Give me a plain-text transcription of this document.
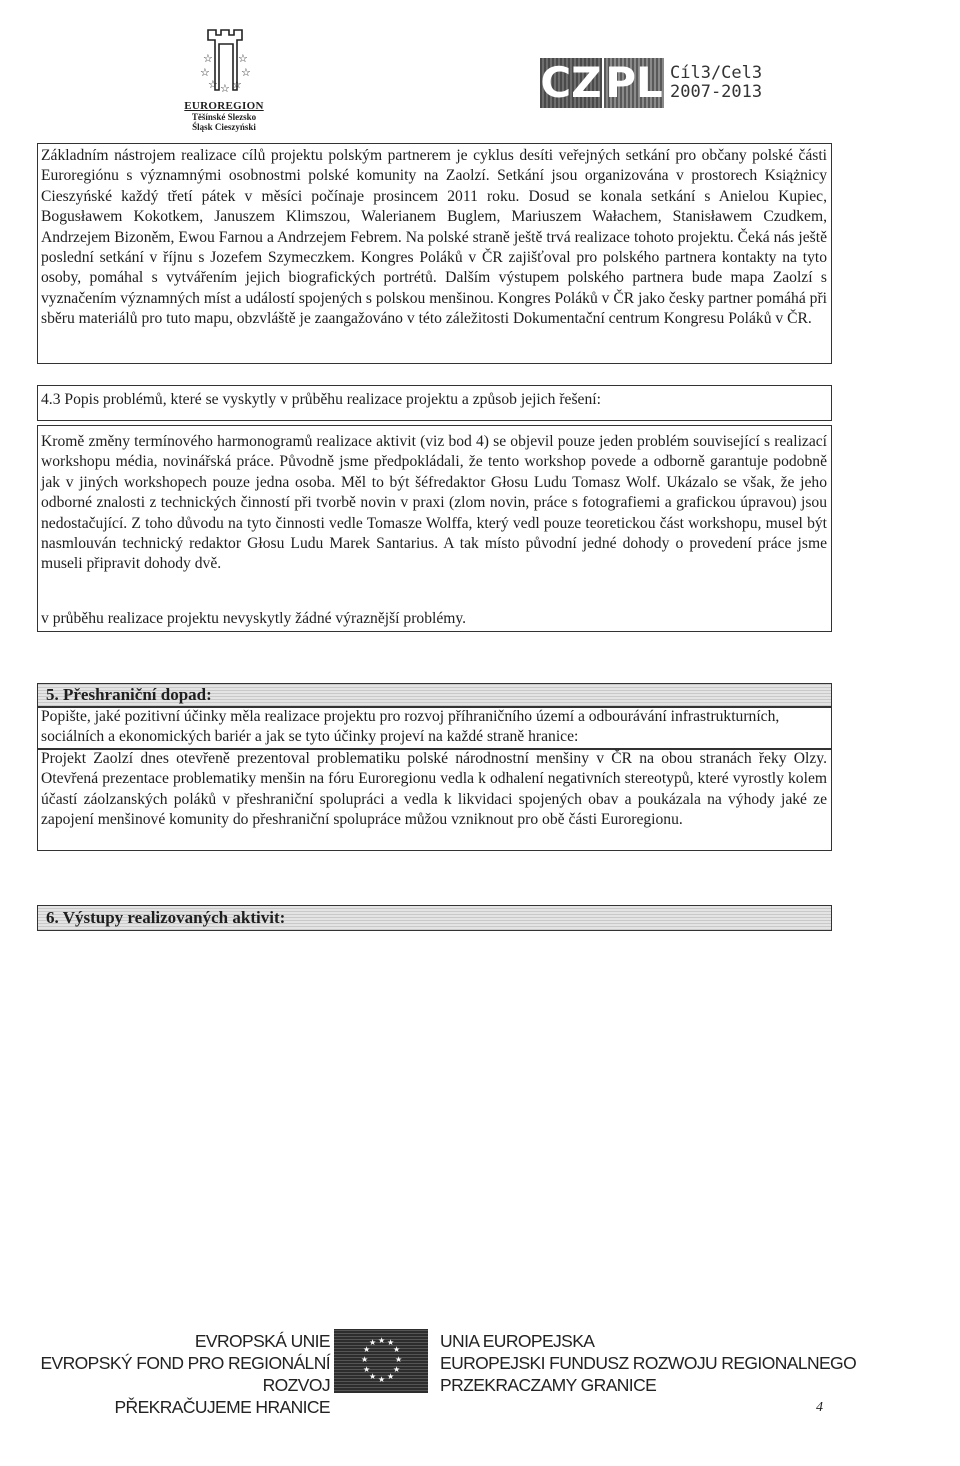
☆ ☆
☆	☆
☆ ☆ ☆
EUROREGION
Těšínské Slezsko
Śląsk Cieszyński
CZ PL Cíl3/Cel3
2007-2013
Základním nástrojem realizace cílů projektu polským partnerem je cyklus desíti veřejných setkání pro občany polské části Euroregiónu s významnými osobnostmi polské komunity na Zaolzí. Setkání jsou organizována v prostorech Książnicy Cieszyńské každý třetí pátek v měsíci počínaje prosincem 2011 roku. Dosud se konala setkání s Anielou Kupiec, Bogusławem Kokotkem, Januszem Klimszou, Walerianem Buglem, Mariuszem Wałachem, Stanisławem Czudkem, Andrzejem Bizoněm, Ewou Farnou a Andrzejem Febrem. Na polské straně ještě trvá realizace tohoto projektu. Čeká nás ještě poslední setkání v říjnu s Jozefem Szymeczkem. Kongres Poláků v ČR zajišťoval pro polského partnera kontakty na tyto osoby, pomáhal s vytvářením jejich biografických portrétů. Dalším výstupem polského partnera bude mapa Zaolzí s vyznačením významných míst a událostí spojených s polskou menšinou. Kongres Poláků v ČR jako česky partner pomáhá při sběru materiálů pro tuto mapu, obzvláště je zaangažováno v této záležitosti Dokumentační centrum Kongresu Poláků v ČR.
4.3 Popis problémů, které se vyskytly v průběhu realizace projektu a způsob jejich řešení:
Kromě změny termínového harmonogramů realizace aktivit (viz bod 4) se objevil pouze jeden problém související s realizací workshopu média, novinářská práce. Původně jsme předpokládali, že tento workshop povede a odborně garantuje podobně jak v jiných workshopech pouze jedna osoba. Měl to být šéfredaktor Głosu Ludu Tomasz Wolf. Ukázalo se však, že jeho odborné znalosti z technických činností při tvorbě novin v praxi (zlom novin, práce s fotografiemi a grafickou úpravou) jsou nedostačující. Z toho důvodu na tyto činnosti vedle Tomasze Wolffa, který vedl pouze teoretickou část workshopu, musel být nasmlouván technický redaktor Głosu Ludu Marek Santarius. A tak místo původní jedné dohody o provedení práce jsme museli připravit dohody dvě.
v průběhu realizace projektu nevyskytly žádné výraznější problémy.
5. Přeshraniční dopad:
Popište, jaké pozitivní účinky měla realizace projektu pro rozvoj příhraničního území a odbourávání infrastrukturních, sociálních a ekonomických bariér a jak se tyto účinky projeví na každé straně hranice:
Projekt Zaolzí dnes otevřeně prezentoval problematiku polské národnostní menšiny v ČR na obou stranách řeky Olzy. Otevřená prezentace problematiky menšin na fóru Euroregionu vedla k odhalení negativních stereotypů, které vyrostly kolem účastí záolzanských poláků v přeshraniční spolupráci a vedla k likvidaci spojených obav a poukázala na výhody jaké ze zapojení menšinové komunity do přeshraniční spolupráce můžou vzniknout pro obě části Euroregionu.
6. Výstupy realizovaných aktivit:
EVROPSKÁ UNIE
EVROPSKÝ FOND PRO REGIONÁLNÍ ROZVOJ
PŘEKRAČUJEME HRANICE
★ ★
★
★
★
★
★
★
★
★
★
★	UNIA EUROPEJSKA
EUROPEJSKI FUNDUSZ ROZWOJU REGIONALNEGO
PRZEKRACZAMY GRANICE
4
